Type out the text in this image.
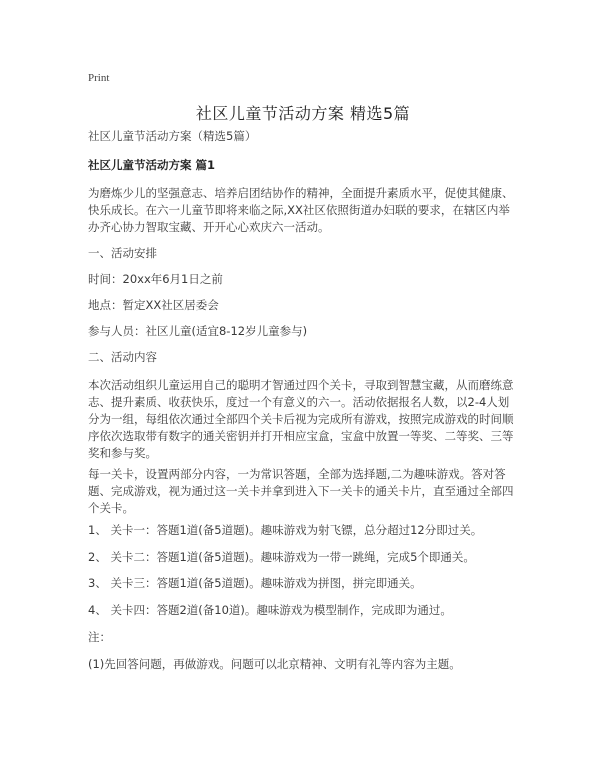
Print
社区儿童节活动方案 精选5篇
社区儿童节活动方案（精选5篇）
社区儿童节活动方案 篇1
为磨炼少儿的坚强意志、培养启团结协作的精神，全面提升素质水平，促使其健康、快乐成长。在六一儿童节即将来临之际,XX社区依照街道办妇联的要求，在辖区内举办齐心协力智取宝藏、开开心心欢庆六一活动。
一、活动安排
时间：20xx年6月1日之前
地点：暂定XX社区居委会
参与人员：社区儿童(适宜8-12岁儿童参与)
二、活动内容
本次活动组织儿童运用自己的聪明才智通过四个关卡，寻取到智慧宝藏，从而磨练意志、提升素质、收获快乐，度过一个有意义的六一。活动依据报名人数，以2-4人划分为一组，每组依次通过全部四个关卡后视为完成所有游戏，按照完成游戏的时间顺序依次选取带有数字的通关密钥并打开相应宝盒，宝盒中放置一等奖、二等奖、三等奖和参与奖。
每一关卡，设置两部分内容，一为常识答题，全部为选择题,二为趣味游戏。答对答题、完成游戏，视为通过这一关卡并拿到进入下一关卡的通关卡片，直至通过全部四个关卡。
1、 关卡一：答题1道(备5道题)。趣味游戏为射飞镖，总分超过12分即过关。
2、 关卡二：答题1道(备5道题)。趣味游戏为一带一跳绳，完成5个即通关。
3、 关卡三：答题1道(备5道题)。趣味游戏为拼图，拼完即通关。
4、 关卡四：答题2道(备10道)。趣味游戏为模型制作，完成即为通过。
注：
(1)先回答问题，再做游戏。问题可以北京精神、文明有礼等内容为主题。
